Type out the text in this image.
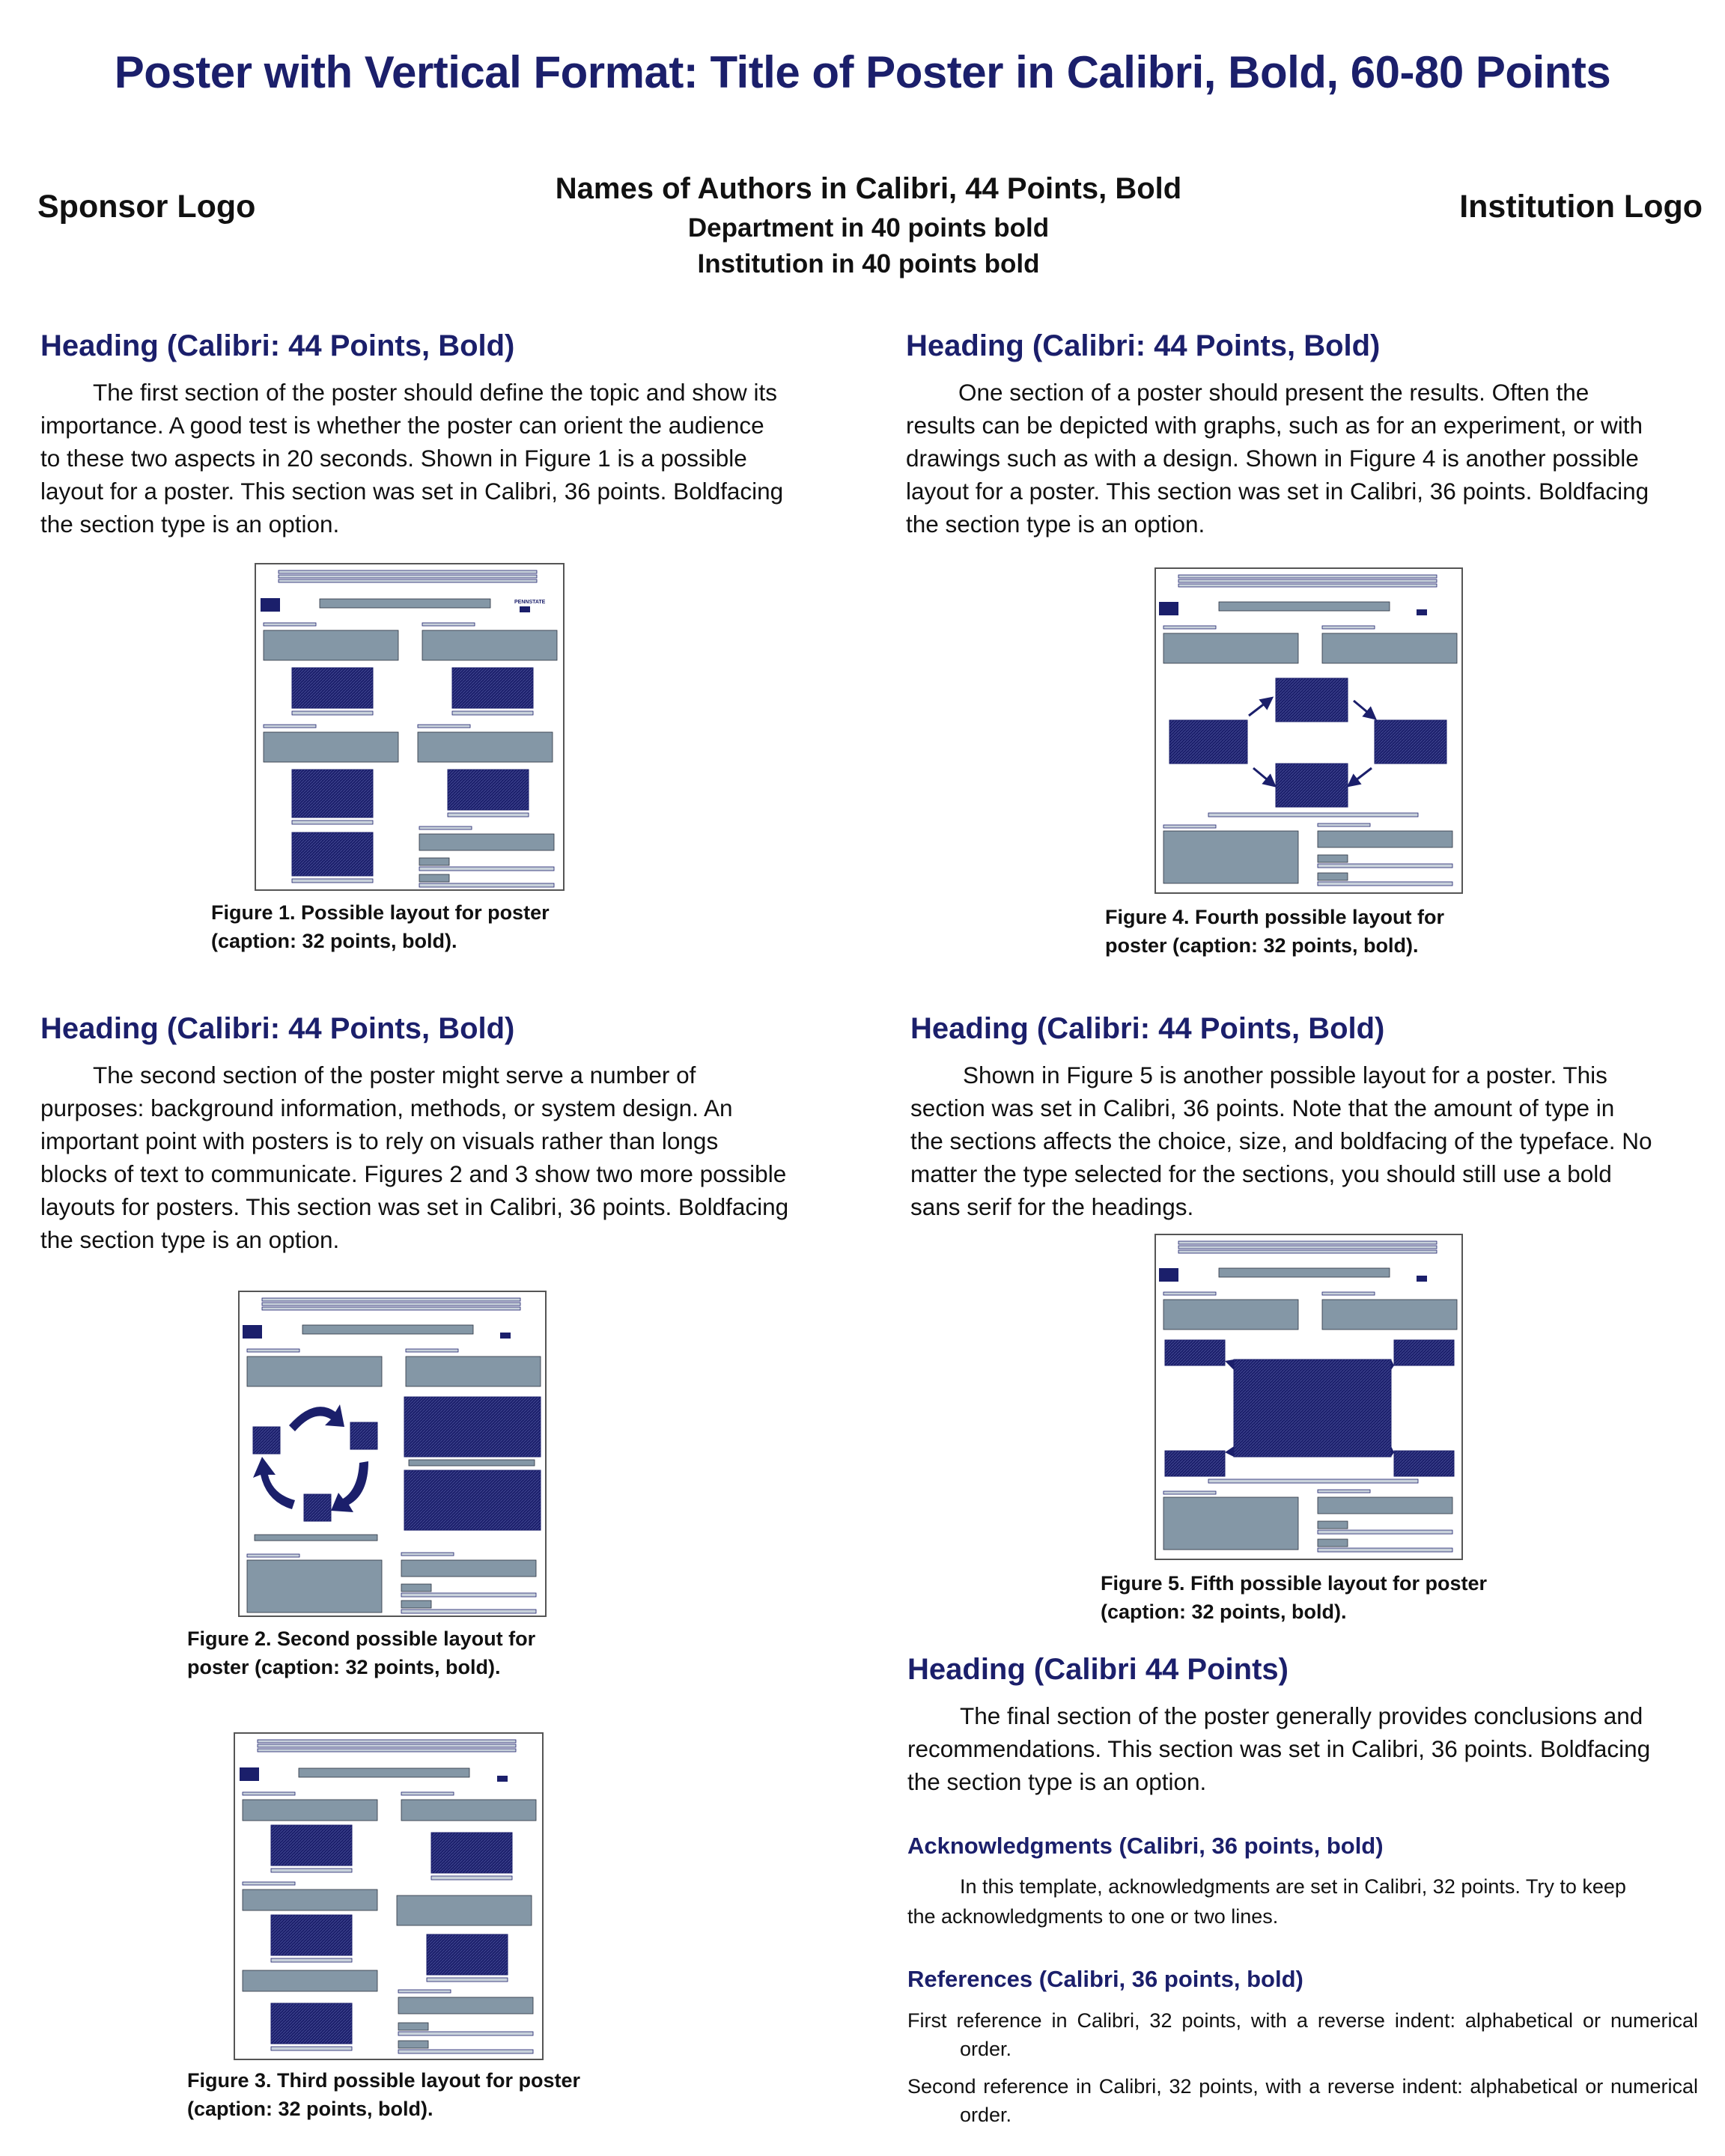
Poster with Vertical Format: Title of Poster in Calibri, Bold, 60-80 Points
Sponsor Logo	Institution Logo
Names of Authors in Calibri, 44 Points, Bold
Department in 40 points bold
Institution in 40 points bold
Heading (Calibri: 44 Points, Bold)

The first section of the poster should define the topic and show its
importance. A good test is whether the poster can orient the audience
to these two aspects in 20 seconds. Shown in Figure 1 is a possible
layout for a poster. This section was set in Calibri, 36 points. Boldfacing
the section type is an option.

PENNSTATE

Figure 1. Possible layout for poster
(caption: 32 points, bold).

Heading (Calibri: 44 Points, Bold)

The second section of the poster might serve a number of
purposes: background information, methods, or system design. An
important point with posters is to rely on visuals rather than longs
blocks of text to communicate. Figures 2 and 3 show two more possible
layouts for posters. This section was set in Calibri, 36 points. Boldfacing
the section type is an option.

Figure 2. Second possible layout for
poster (caption: 32 points, bold).

Figure 3. Third possible layout for poster
(caption: 32 points, bold).

Heading (Calibri: 44 Points, Bold)

One section of a poster should present the results. Often the
results can be depicted with graphs, such as for an experiment, or with
drawings such as with a design. Shown in Figure 4 is another possible
layout for a poster. This section was set in Calibri, 36 points. Boldfacing
the section type is an option.

Figure 4. Fourth possible layout for
poster (caption: 32 points, bold).

Heading (Calibri: 44 Points, Bold)

Shown in Figure 5 is another possible layout for a poster. This
section was set in Calibri, 36 points. Note that the amount of type in
the sections affects the choice, size, and boldfacing of the typeface. No
matter the type selected for the sections, you should still use a bold
sans serif for the headings.

Figure 5. Fifth possible layout for poster
(caption: 32 points, bold).

Heading (Calibri 44 Points)

The final section of the poster generally provides conclusions and
recommendations. This section was set in Calibri, 36 points. Boldfacing
the section type is an option.

Acknowledgments (Calibri, 36 points, bold)

In this template, acknowledgments are set in Calibri, 32 points. Try to keep
the acknowledgments to one or two lines.

References (Calibri, 36 points, bold)

First reference in Calibri, 32 points, with a reverse indent: alphabetical or numerical order.

Second reference in Calibri, 32 points, with a reverse indent: alphabetical or numerical order.
